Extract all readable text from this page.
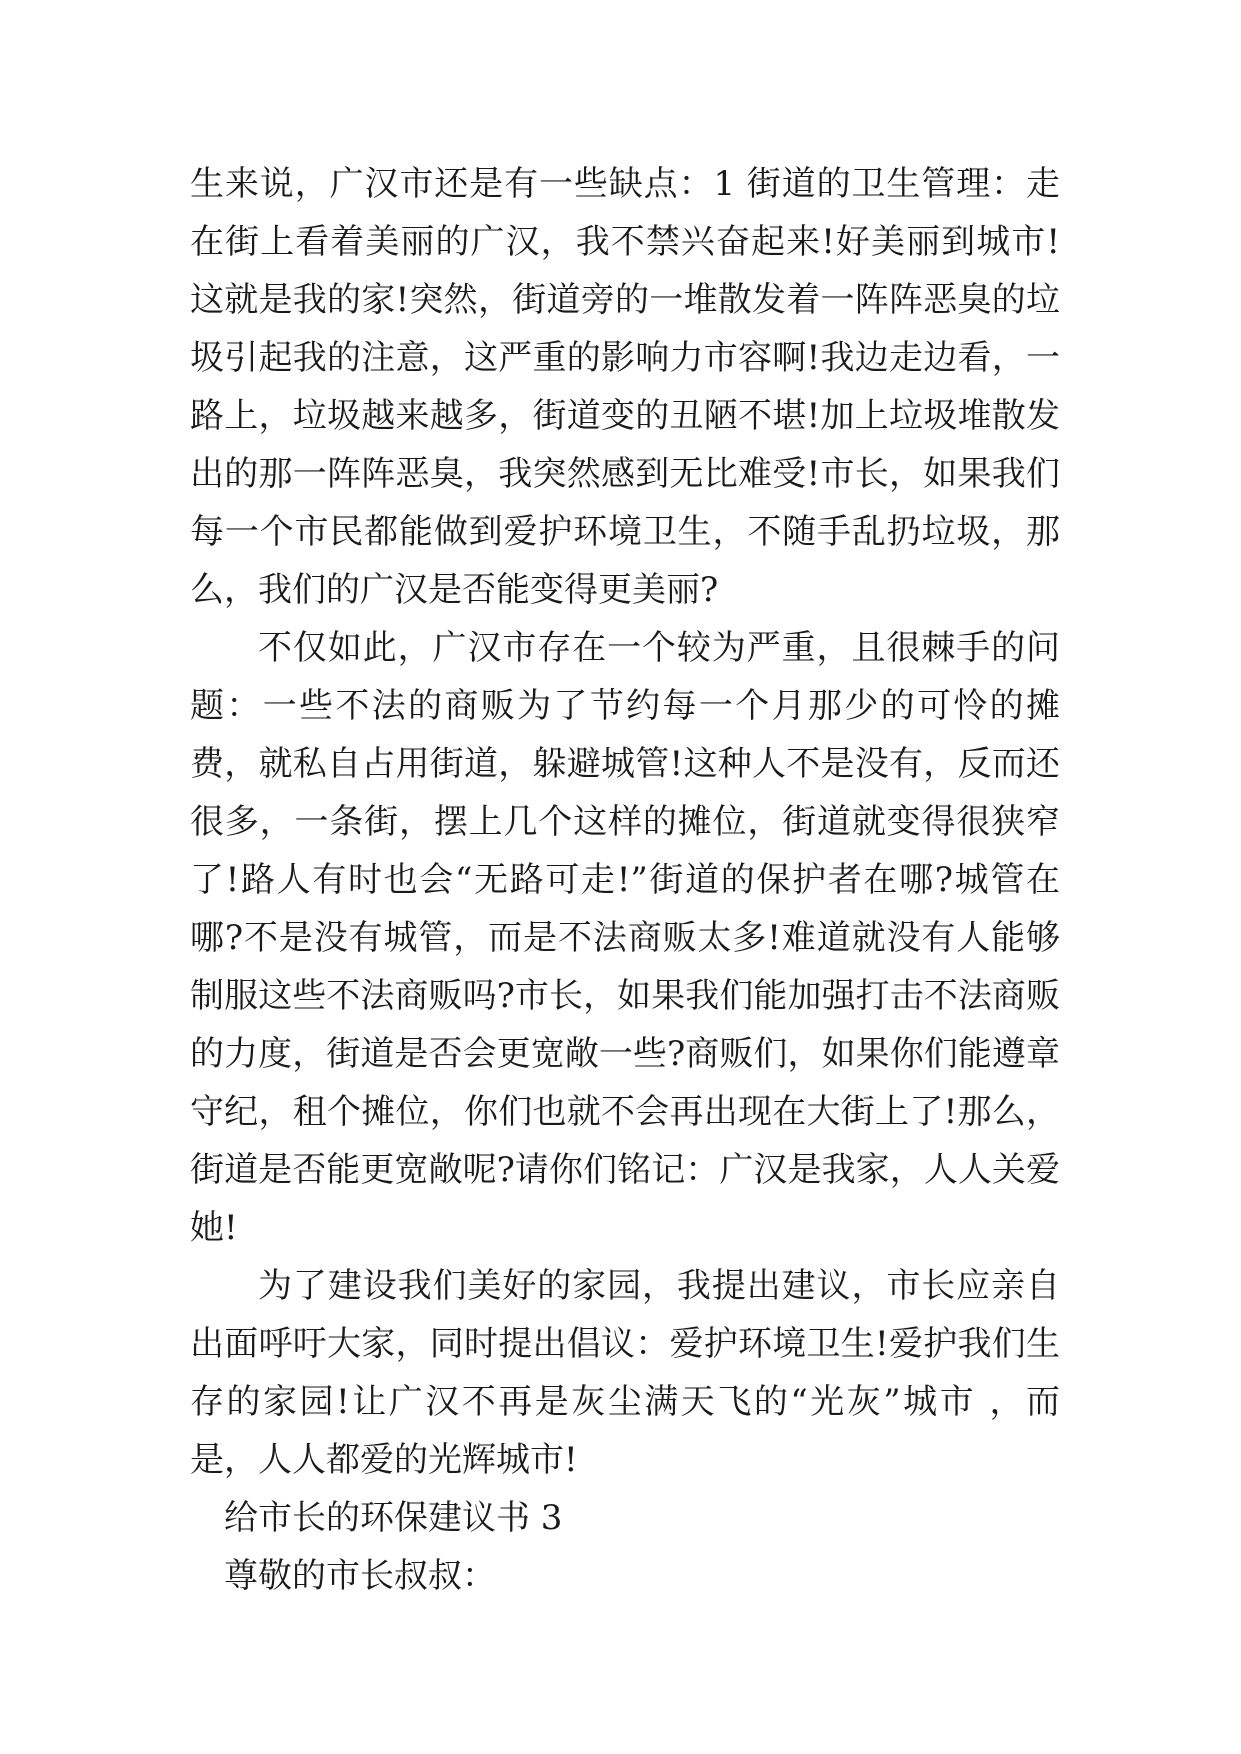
生来说，广汉市还是有一些缺点：1 街道的卫生管理：走在街上看着美丽的广汉，我不禁兴奋起来!好美丽到城市!这就是我的家!突然，街道旁的一堆散发着一阵阵恶臭的垃圾引起我的注意，这严重的影响力市容啊!我边走边看，一路上，垃圾越来越多，街道变的丑陋不堪!加上垃圾堆散发出的那一阵阵恶臭，我突然感到无比难受!市长，如果我们每一个市民都能做到爱护环境卫生，不随手乱扔垃圾，那么，我们的广汉是否能变得更美丽?

不仅如此，广汉市存在一个较为严重，且很棘手的问题：一些不法的商贩为了节约每一个月那少的可怜的摊费，就私自占用街道，躲避城管!这种人不是没有，反而还很多，一条街，摆上几个这样的摊位，街道就变得很狭窄了!路人有时也会“无路可走!”街道的保护者在哪?城管在哪?不是没有城管，而是不法商贩太多!难道就没有人能够制服这些不法商贩吗?市长，如果我们能加强打击不法商贩的力度，街道是否会更宽敞一些?商贩们，如果你们能遵章守纪，租个摊位，你们也就不会再出现在大街上了!那么，街道是否能更宽敞呢?请你们铭记：广汉是我家，人人关爱她!

为了建设我们美好的家园，我提出建议，市长应亲自出面呼吁大家，同时提出倡议：爱护环境卫生!爱护我们生存的家园!让广汉不再是灰尘满天飞的“光灰”城市 ，而是，人人都爱的光辉城市!

给市长的环保建议书 3

尊敬的市长叔叔：
